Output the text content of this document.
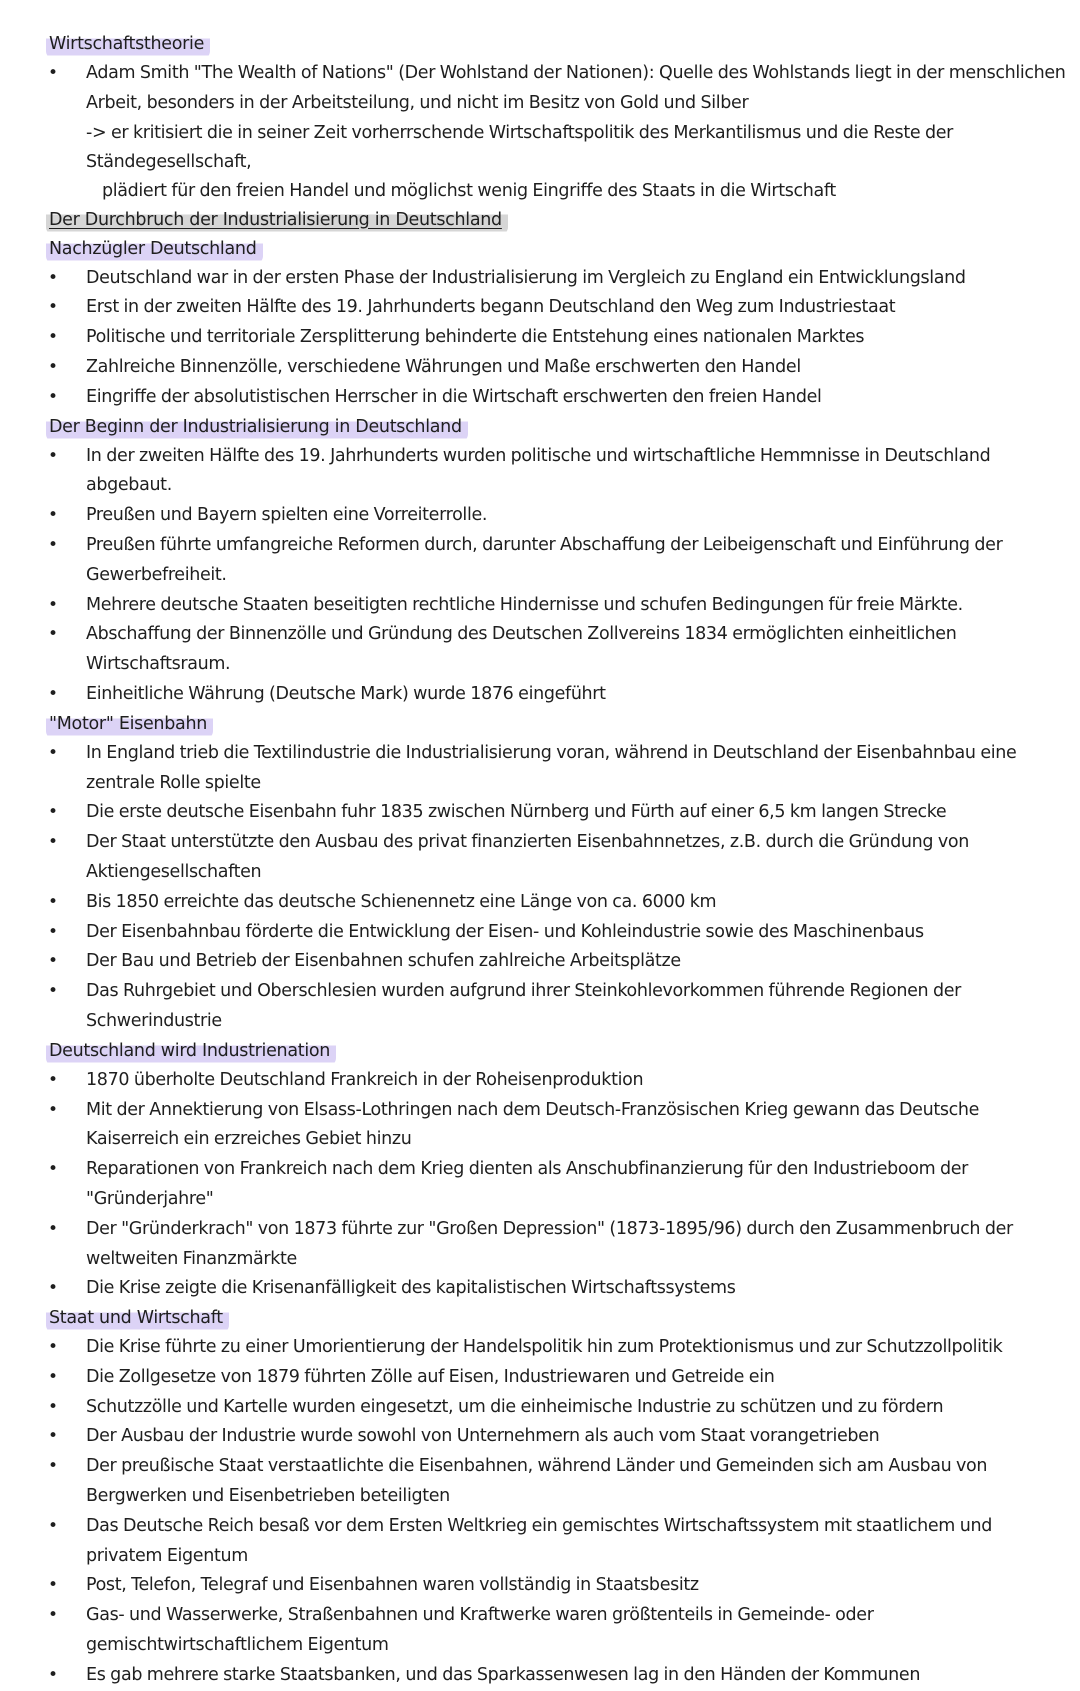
Wirtschaftstheorie
• Adam Smith "The Wealth of Nations" (Der Wohlstand der Nationen): Quelle des Wohlstands liegt in der menschlichen Arbeit, besonders in der Arbeitsteilung, und nicht im Besitz von Gold und Silber
-> er kritisiert die in seiner Zeit vorherrschende Wirtschaftspolitik des Merkantilismus und die Reste der Ständegesellschaft,
plädiert für den freien Handel und möglichst wenig Eingriffe des Staats in die Wirtschaft
Der Durchbruch der Industrialisierung in Deutschland
Nachzügler Deutschland
• Deutschland war in der ersten Phase der Industrialisierung im Vergleich zu England ein Entwicklungsland
• Erst in der zweiten Hälfte des 19. Jahrhunderts begann Deutschland den Weg zum Industriestaat
• Politische und territoriale Zersplitterung behinderte die Entstehung eines nationalen Marktes
• Zahlreiche Binnenzölle, verschiedene Währungen und Maße erschwerten den Handel
• Eingriffe der absolutistischen Herrscher in die Wirtschaft erschwerten den freien Handel
Der Beginn der Industrialisierung in Deutschland
• In der zweiten Hälfte des 19. Jahrhunderts wurden politische und wirtschaftliche Hemmnisse in Deutschland abgebaut.
• Preußen und Bayern spielten eine Vorreiterrolle.
• Preußen führte umfangreiche Reformen durch, darunter Abschaffung der Leibeigenschaft und Einführung der Gewerbefreiheit.
• Mehrere deutsche Staaten beseitigten rechtliche Hindernisse und schufen Bedingungen für freie Märkte.
• Abschaffung der Binnenzölle und Gründung des Deutschen Zollvereins 1834 ermöglichten einheitlichen Wirtschaftsraum.
• Einheitliche Währung (Deutsche Mark) wurde 1876 eingeführt
"Motor" Eisenbahn
• In England trieb die Textilindustrie die Industrialisierung voran, während in Deutschland der Eisenbahnbau eine zentrale Rolle spielte
• Die erste deutsche Eisenbahn fuhr 1835 zwischen Nürnberg und Fürth auf einer 6,5 km langen Strecke
• Der Staat unterstützte den Ausbau des privat finanzierten Eisenbahnnetzes, z.B. durch die Gründung von Aktiengesellschaften
• Bis 1850 erreichte das deutsche Schienennetz eine Länge von ca. 6000 km
• Der Eisenbahnbau förderte die Entwicklung der Eisen- und Kohleindustrie sowie des Maschinenbaus
• Der Bau und Betrieb der Eisenbahnen schufen zahlreiche Arbeitsplätze
• Das Ruhrgebiet und Oberschlesien wurden aufgrund ihrer Steinkohlevorkommen führende Regionen der Schwerindustrie
Deutschland wird Industrienation
• 1870 überholte Deutschland Frankreich in der Roheisenproduktion
• Mit der Annektierung von Elsass-Lothringen nach dem Deutsch-Französischen Krieg gewann das Deutsche Kaiserreich ein erzreiches Gebiet hinzu
• Reparationen von Frankreich nach dem Krieg dienten als Anschubfinanzierung für den Industrieboom der "Gründerjahre"
• Der "Gründerkrach" von 1873 führte zur "Großen Depression" (1873-1895/96) durch den Zusammenbruch der weltweiten Finanzmärkte
• Die Krise zeigte die Krisenanfälligkeit des kapitalistischen Wirtschaftssystems
Staat und Wirtschaft
• Die Krise führte zu einer Umorientierung der Handelspolitik hin zum Protektionismus und zur Schutzzollpolitik
• Die Zollgesetze von 1879 führten Zölle auf Eisen, Industriewaren und Getreide ein
• Schutzzölle und Kartelle wurden eingesetzt, um die einheimische Industrie zu schützen und zu fördern
• Der Ausbau der Industrie wurde sowohl von Unternehmern als auch vom Staat vorangetrieben
• Der preußische Staat verstaatlichte die Eisenbahnen, während Länder und Gemeinden sich am Ausbau von Bergwerken und Eisenbetrieben beteiligten
• Das Deutsche Reich besaß vor dem Ersten Weltkrieg ein gemischtes Wirtschaftssystem mit staatlichem und privatem Eigentum
• Post, Telefon, Telegraf und Eisenbahnen waren vollständig in Staatsbesitz
• Gas- und Wasserwerke, Straßenbahnen und Kraftwerke waren größtenteils in Gemeinde- oder gemischtwirtschaftlichem Eigentum
• Es gab mehrere starke Staatsbanken, und das Sparkassenwesen lag in den Händen der Kommunen
